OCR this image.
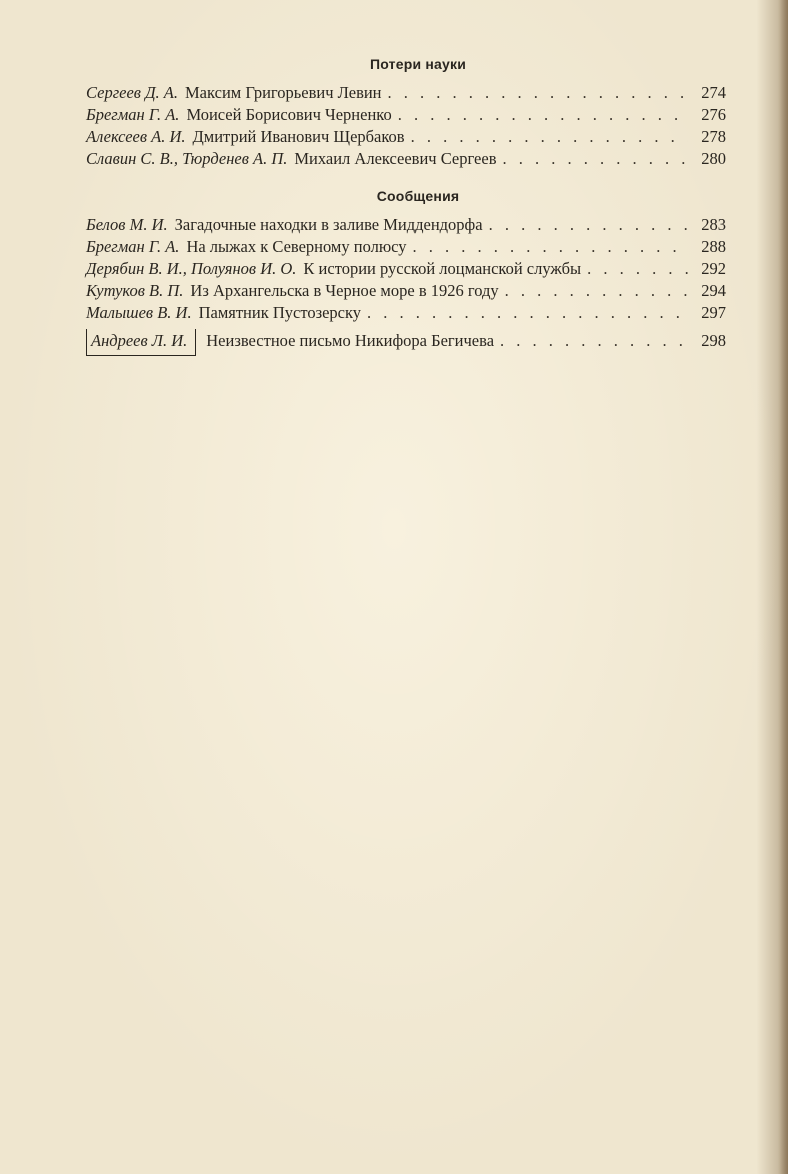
Потери науки
Сергеев Д. А. Максим Григорьевич Левин . . .	274
Брегман Г. А. Моисей Борисович Черненко . . .	276
Алексеев А. И. Дмитрий Иванович Щербаков . . .	278
Славин С. В., Тюрденев А. П. Михаил Алексеевич Сергеев . . .	280
Сообщения
Белов М. И. Загадочные находки в заливе Миддендорфа . . .	283
Брегман Г. А. На лыжах к Северному полюсу . . .	288
Дерябин В. И., Полуянов И. О. К истории русской лоцманской службы . . .	292
Кутуков В. П. Из Архангельска в Черное море в 1926 году . . .	294
Малышев В. И. Памятник Пустозерску . . .	297
Андреев Л. И.	Неизвестное письмо Никифора Бегичева . . .	298
